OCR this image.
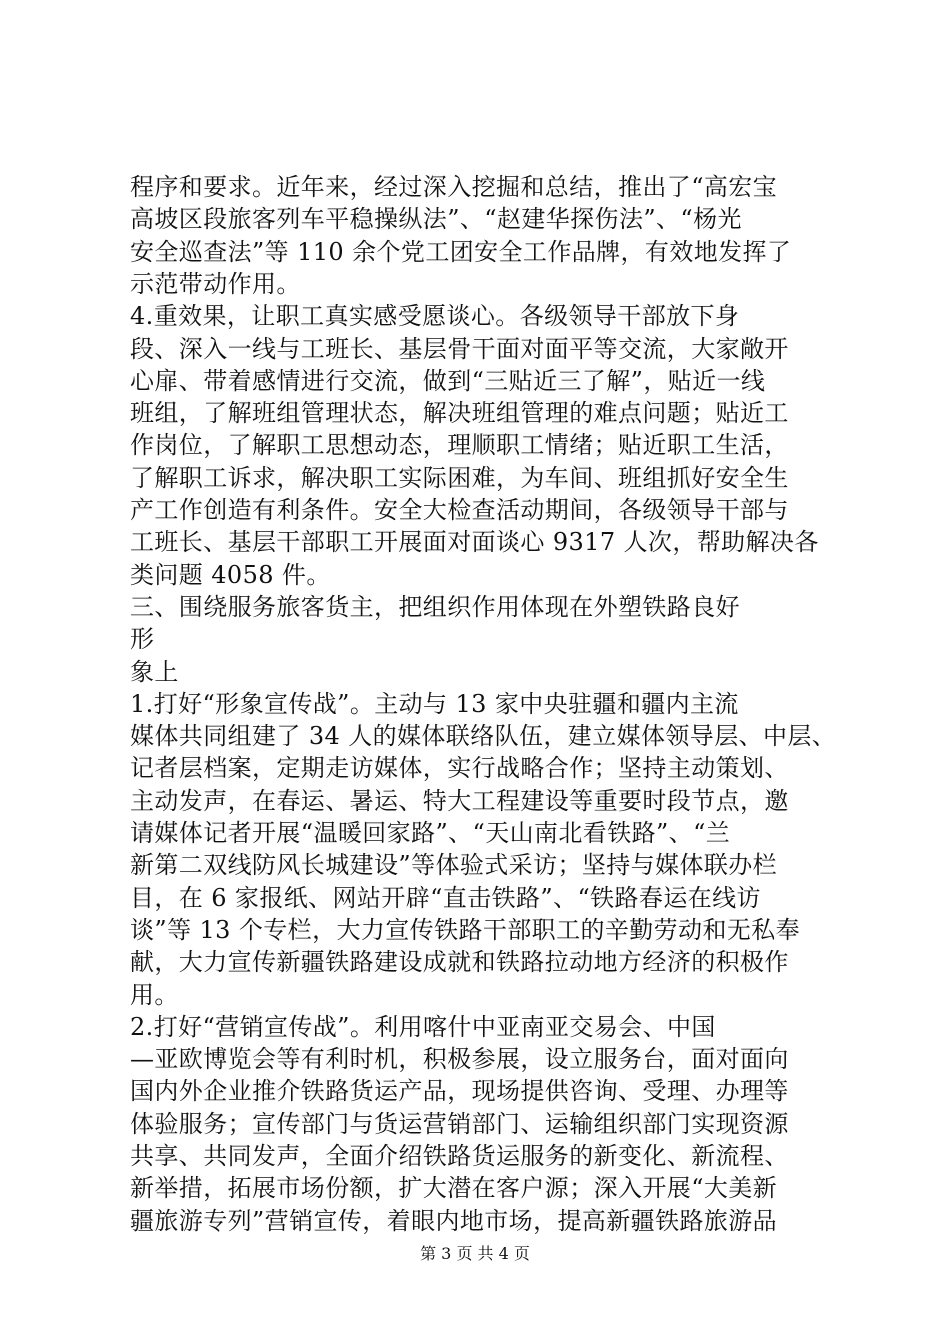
程序和要求。近年来，经过深入挖掘和总结，推出了“高宏宝
高坡区段旅客列车平稳操纵法”、“赵建华探伤法”、“杨光
安全巡查法”等 110 余个党工团安全工作品牌，有效地发挥了
示范带动作用。
4.重效果，让职工真实感受愿谈心。各级领导干部放下身
段、深入一线与工班长、基层骨干面对面平等交流，大家敞开
心扉、带着感情进行交流，做到“三贴近三了解”，贴近一线
班组，了解班组管理状态，解决班组管理的难点问题；贴近工
作岗位，了解职工思想动态，理顺职工情绪；贴近职工生活，
了解职工诉求，解决职工实际困难，为车间、班组抓好安全生
产工作创造有利条件。安全大检查活动期间，各级领导干部与
工班长、基层干部职工开展面对面谈心 9317 人次，帮助解决各
类问题 4058 件。
三、围绕服务旅客货主，把组织作用体现在外塑铁路良好
形
象上
1.打好“形象宣传战”。主动与 13 家中央驻疆和疆内主流
媒体共同组建了 34 人的媒体联络队伍，建立媒体领导层、中层、
记者层档案，定期走访媒体，实行战略合作；坚持主动策划、
主动发声，在春运、暑运、特大工程建设等重要时段节点，邀
请媒体记者开展“温暖回家路”、“天山南北看铁路”、“兰
新第二双线防风长城建设”等体验式采访；坚持与媒体联办栏
目，在 6 家报纸、网站开辟“直击铁路”、“铁路春运在线访
谈”等 13 个专栏，大力宣传铁路干部职工的辛勤劳动和无私奉
献，大力宣传新疆铁路建设成就和铁路拉动地方经济的积极作
用。
2.打好“营销宣传战”。利用喀什中亚南亚交易会、中国
—亚欧博览会等有利时机，积极参展，设立服务台，面对面向
国内外企业推介铁路货运产品，现场提供咨询、受理、办理等
体验服务；宣传部门与货运营销部门、运输组织部门实现资源
共享、共同发声，全面介绍铁路货运服务的新变化、新流程、
新举措，拓展市场份额，扩大潜在客户源；深入开展“大美新
疆旅游专列”营销宣传，着眼内地市场，提高新疆铁路旅游品
第 3 页 共 4 页
